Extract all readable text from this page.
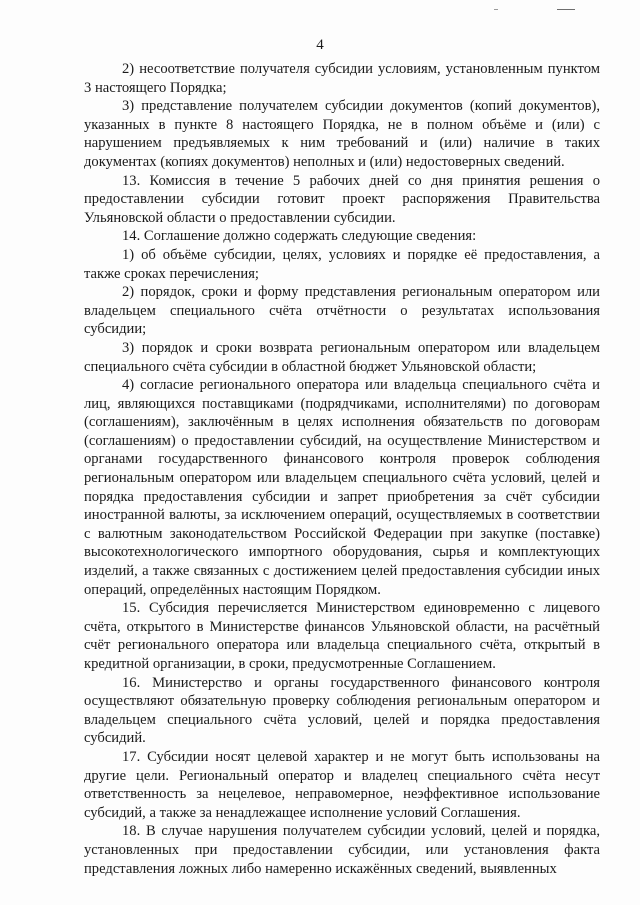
4

2) несоответствие получателя субсидии условиям, установленным пунктом 3 настоящего Порядка;

3) представление получателем субсидии документов (копий документов), указанных в пункте 8 настоящего Порядка, не в полном объёме и (или) с нарушением предъявляемых к ним требований и (или) наличие в таких документах (копиях документов) неполных и (или) недостоверных сведений.

13. Комиссия в течение 5 рабочих дней со дня принятия решения о предоставлении субсидии готовит проект распоряжения Правительства Ульяновской области о предоставлении субсидии.

14. Соглашение должно содержать следующие сведения:

1) об объёме субсидии, целях, условиях и порядке её предоставления, а также сроках перечисления;

2) порядок, сроки и форму представления региональным оператором или владельцем специального счёта отчётности о результатах использования субсидии;

3) порядок и сроки возврата региональным оператором или владельцем специального счёта субсидии в областной бюджет Ульяновской области;

4) согласие регионального оператора или владельца специального счёта и лиц, являющихся поставщиками (подрядчиками, исполнителями) по договорам (соглашениям), заключённым в целях исполнения обязательств по договорам (соглашениям) о предоставлении субсидий, на осуществление Министерством и органами государственного финансового контроля проверок соблюдения региональным оператором или владельцем специального счёта условий, целей и порядка предоставления субсидии и запрет приобретения за счёт субсидии иностранной валюты, за исключением операций, осуществляемых в соответствии с валютным законодательством Российской Федерации при закупке (поставке) высокотехнологического импортного оборудования, сырья и комплектующих изделий, а также связанных с достижением целей предоставления субсидии иных операций, определённых настоящим Порядком.

15. Субсидия перечисляется Министерством единовременно с лицевого счёта, открытого в Министерстве финансов Ульяновской области, на расчётный счёт регионального оператора или владельца специального счёта, открытый в кредитной организации, в сроки, предусмотренные Соглашением.

16. Министерство и органы государственного финансового контроля осуществляют обязательную проверку соблюдения региональным оператором и владельцем специального счёта условий, целей и порядка предоставления субсидий.

17. Субсидии носят целевой характер и не могут быть использованы на другие цели. Региональный оператор и владелец специального счёта несут ответственность за нецелевое, неправомерное, неэффективное использование субсидий, а также за ненадлежащее исполнение условий Соглашения.

18. В случае нарушения получателем субсидии условий, целей и порядка, установленных при предоставлении субсидии, или установления факта представления ложных либо намеренно искажённых сведений, выявленных
